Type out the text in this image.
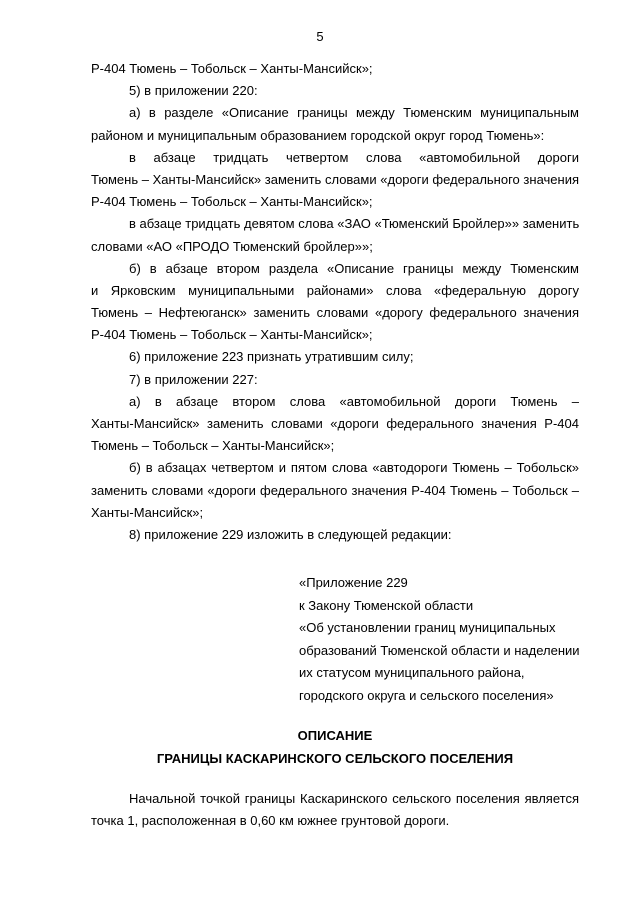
5
Р-404 Тюмень – Тобольск – Ханты-Мансийск»;
5) в приложении 220:
а) в разделе «Описание границы между Тюменским муниципальным
районом и муниципальным образованием городской округ город Тюмень»:
в абзаце тридцать четвертом слова «автомобильной дороги
Тюмень – Ханты-Мансийск» заменить словами «дороги федерального значения
Р-404 Тюмень – Тобольск – Ханты-Мансийск»;
в абзаце тридцать девятом слова «ЗАО «Тюменский Бройлер»» заменить
словами «АО «ПРОДО Тюменский бройлер»»;
б) в абзаце втором раздела «Описание границы между Тюменским
и Ярковским муниципальными районами» слова «федеральную дорогу
Тюмень – Нефтеюганск» заменить словами «дорогу федерального значения
Р-404 Тюмень – Тобольск – Ханты-Мансийск»;
6) приложение 223 признать утратившим силу;
7) в приложении 227:
а) в абзаце втором слова «автомобильной дороги Тюмень –
Ханты-Мансийск» заменить словами «дороги федерального значения Р-404
Тюмень – Тобольск – Ханты-Мансийск»;
б) в абзацах четвертом и пятом слова «автодороги Тюмень – Тобольск»
заменить словами «дороги федерального значения Р-404 Тюмень – Тобольск –
Ханты-Мансийск»;
8) приложение 229 изложить в следующей редакции:
«Приложение 229
к Закону Тюменской области
«Об установлении границ муниципальных
образований Тюменской области и наделении
их статусом муниципального района,
городского округа и сельского поселения»
ОПИСАНИЕ
ГРАНИЦЫ КАСКАРИНСКОГО СЕЛЬСКОГО ПОСЕЛЕНИЯ
Начальной точкой границы Каскаринского сельского поселения является
точка 1, расположенная в 0,60 км южнее грунтовой дороги.
